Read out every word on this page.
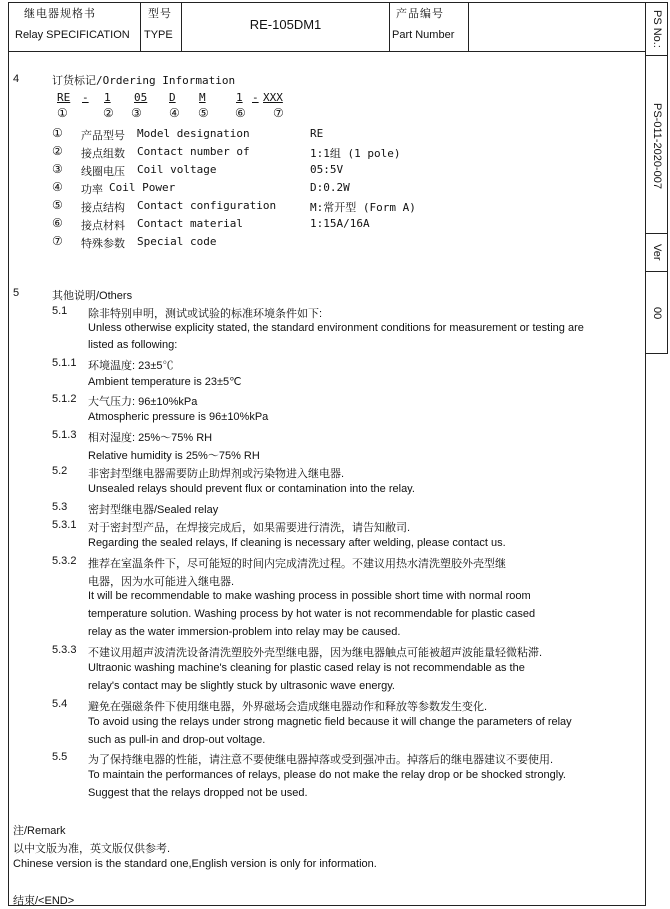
继电器规格书
Relay SPECIFICATION
型号
TYPE
RE-105DM1
产品编号
Part Number	PS No.:
PS-011-2020-007
Ver
00
4	订货标记/Ordering Information
RE - 1 05 D M	1 - XXX
①	② ③ ④ ⑤ ⑥ ⑦
① 产品型号 Model designation	RE
② 接点组数 Contact number of	1:1组 (1 pole)
③ 线圈电压 Coil voltage	05:5V
④ 功率 Coil Power	D:0.2W
⑤ 接点结构 Contact configuration	M:常开型 (Form A)
⑥ 接点材料 Contact material	1:15A/16A
⑦ 特殊参数 Special code
5	其他说明/Others
5.1 除非特别申明，测试或试验的标准环境条件如下:
Unless otherwise explicity stated, the standard environment conditions for measurement or testing are
listed as following:
5.1.1 环境温度: 23±5℃
Ambient temperature is 23±5℃
5.1.2 大气压力: 96±10%kPa
Atmospheric pressure is 96±10%kPa
5.1.3 相对湿度: 25%～75% RH
Relative humidity is 25%～75% RH
5.2 非密封型继电器需要防止助焊剂或污染物进入继电器.
Unsealed relays should prevent flux or contamination into the relay.
5.3 密封型继电器/Sealed relay
5.3.1 对于密封型产品，在焊接完成后，如果需要进行清洗，请告知敝司.
Regarding the sealed relays, If cleaning is necessary after welding, please contact us.
5.3.2 推荐在室温条件下，尽可能短的时间内完成清洗过程。不建议用热水清洗塑胶外壳型继
电器，因为水可能进入继电器.
It will be recommendable to make washing process in possible short time with normal room
temperature solution. Washing process by hot water is not recommendable for plastic cased
relay as the water immersion-problem into relay may be caused.
5.3.3 不建议用超声波清洗设备清洗塑胶外壳型继电器，因为继电器触点可能被超声波能量轻微粘滞.
Ultraonic washing machine's cleaning for plastic cased relay is not recommendable as the
relay's contact may be slightly stuck by ultrasonic wave energy.
5.4 避免在强磁条件下使用继电器，外界磁场会造成继电器动作和释放等参数发生变化.
To avoid using the relays under strong magnetic field because it will change the parameters of relay
such as pull-in and drop-out voltage.
5.5 为了保持继电器的性能，请注意不要使继电器掉落或受到强冲击。掉落后的继电器建议不要使用.
To maintain the performances of relays, please do not make the relay drop or be shocked strongly.
Suggest that the relays dropped not be used.
注/Remark
以中文版为准，英文版仅供参考.
Chinese version is the standard one,English version is only for information.
结束/<END>
